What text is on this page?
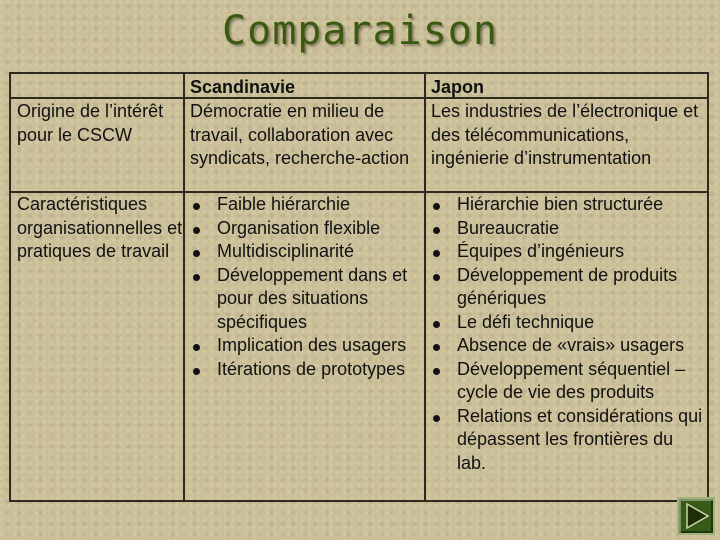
Comparaison
Scandinavie	Japon
Origine de l’intérêt pour le CSCW
Démocratie en milieu de travail, collaboration avec syndicats, recherche-action
Les industries de l’électronique et des télécommunications, ingénierie d’instrumentation
Caractéristiques organisationnelles et pratiques de travail
Faible hiérarchie
Organisation flexible
Multidisciplinarité
Développement dans et pour des situations spécifiques
Implication des usagers
Itérations de prototypes
Hiérarchie bien structurée
Bureaucratie
Équipes d’ingénieurs
Développement de produits génériques
Le défi technique
Absence de «vrais» usagers
Développement séquentiel – cycle de vie des produits
Relations et considérations qui dépassent les frontières du lab.
